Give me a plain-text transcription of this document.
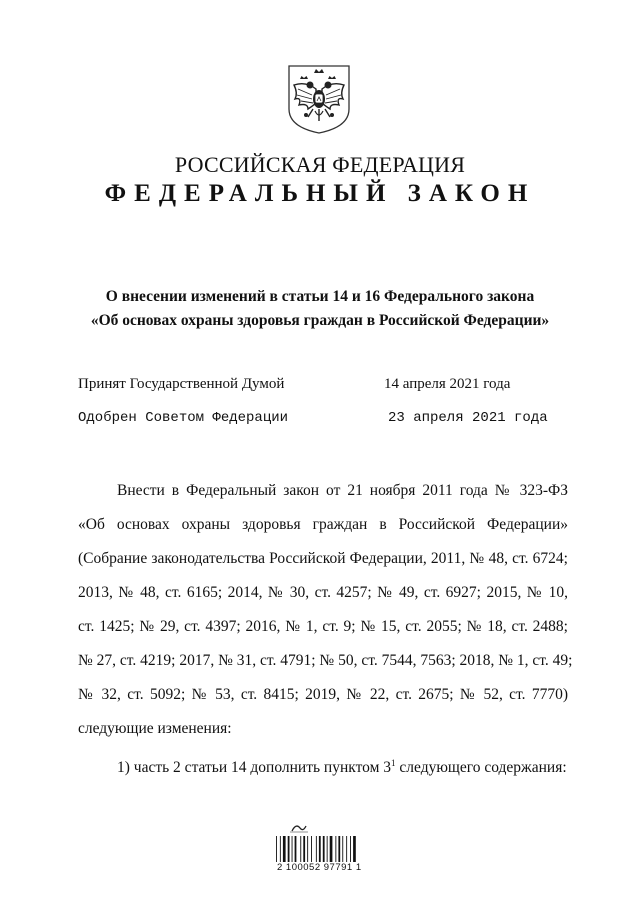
РОССИЙСКАЯ ФЕДЕРАЦИЯ
ФЕДЕРАЛЬНЫЙ ЗАКОН
О внесении изменений в статьи 14 и 16 Федерального закона
«Об основах охраны здоровья граждан в Российской Федерации»
Принят Государственной Думой	14 апреля 2021 года
Одобрен Советом Федерации	23 апреля 2021 года
Внести в Федеральный закон от 21 ноября 2011 года № 323-ФЗ
«Об основах охраны здоровья граждан в Российской Федерации»
(Собрание законодательства Российской Федерации, 2011, № 48, ст. 6724;
2013, № 48, ст. 6165; 2014, № 30, ст. 4257; № 49, ст. 6927; 2015, № 10,
ст. 1425; № 29, ст. 4397; 2016, № 1, ст. 9; № 15, ст. 2055; № 18, ст. 2488;
№ 27, ст. 4219; 2017, № 31, ст. 4791; № 50, ст. 7544, 7563; 2018, № 1, ст. 49;
№ 32, ст. 5092; № 53, ст. 8415; 2019, № 22, ст. 2675; № 52, ст. 7770)
следующие изменения:
1) часть 2 статьи 14 дополнить пунктом $3^1$ следующего содержания:
2 100052 97791 1
